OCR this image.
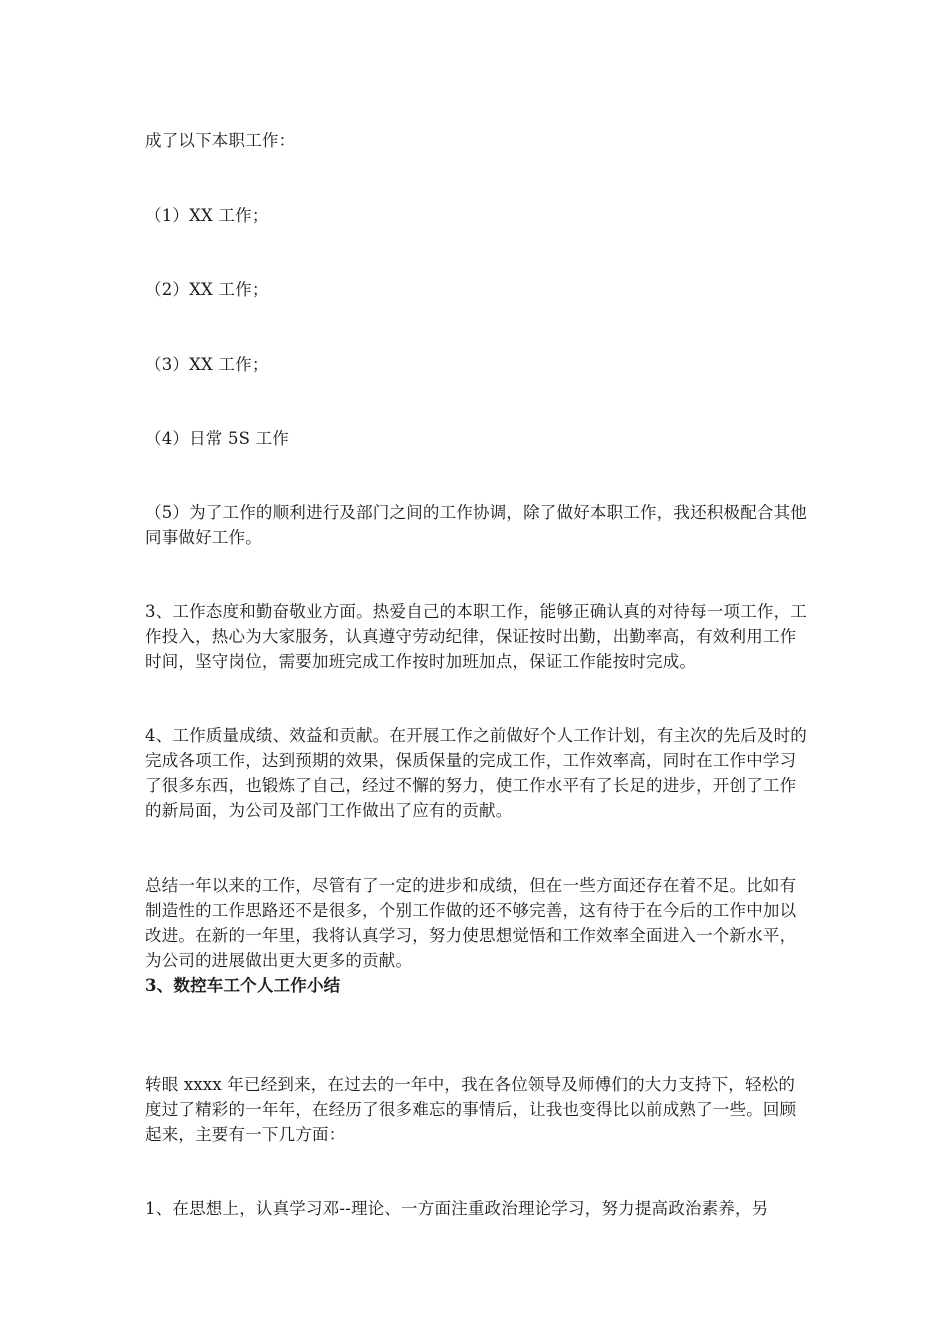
成了以下本职工作：

（1）XX 工作；

（2）XX 工作；

（3）XX 工作；

（4）日常 5S 工作

（5）为了工作的顺利进行及部门之间的工作协调，除了做好本职工作，我还积极配合其他同事做好工作。

3、工作态度和勤奋敬业方面。热爱自己的本职工作，能够正确认真的对待每一项工作，工作投入，热心为大家服务，认真遵守劳动纪律，保证按时出勤，出勤率高，有效利用工作时间，坚守岗位，需要加班完成工作按时加班加点，保证工作能按时完成。

4、工作质量成绩、效益和贡献。在开展工作之前做好个人工作计划，有主次的先后及时的完成各项工作，达到预期的效果，保质保量的完成工作，工作效率高，同时在工作中学习了很多东西，也锻炼了自己，经过不懈的努力，使工作水平有了长足的进步，开创了工作的新局面，为公司及部门工作做出了应有的贡献。

总结一年以来的工作，尽管有了一定的进步和成绩，但在一些方面还存在着不足。比如有制造性的工作思路还不是很多，个别工作做的还不够完善，这有待于在今后的工作中加以改进。在新的一年里，我将认真学习，努力使思想觉悟和工作效率全面进入一个新水平，为公司的进展做出更大更多的贡献。

3、数控车工个人工作小结

转眼 xxxx 年已经到来，在过去的一年中，我在各位领导及师傅们的大力支持下，轻松的度过了精彩的一年年，在经历了很多难忘的事情后，让我也变得比以前成熟了一些。回顾起来，主要有一下几方面：

1、在思想上，认真学习邓--理论、一方面注重政治理论学习，努力提高政治素养，另
